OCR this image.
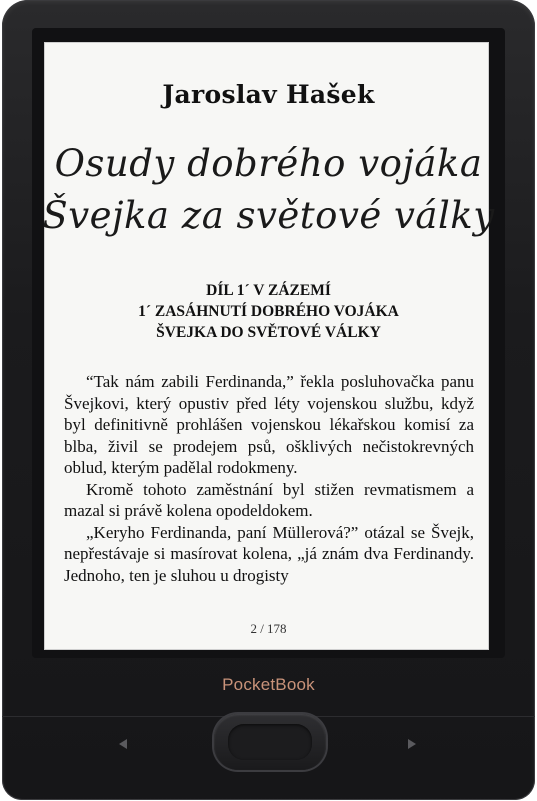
Jaroslav Hašek
Osudy dobrého vojáka
Švejka za světové války
DÍL 1´ V ZÁZEMÍ
1´ ZASÁHNUTÍ DOBRÉHO VOJÁKA
ŠVEJKA DO SVĚTOVÉ VÁLKY

“Tak nám zabili Ferdinanda,” řekla posluhovačka panu Švejkovi, který opustiv před léty vojenskou službu, když byl definitivně prohlášen vojenskou lékařskou komisí za blba, živil se prodejem psů, ošklivých nečistokrevných oblud, kterým padělal rodokmeny.

Kromě tohoto zaměstnání byl stižen revmatismem a mazal si právě kolena opodeldokem.

„Keryho Ferdinanda, paní Müllerová?” otázal se Švejk, nepřestávaje si masírovat kolena, „já znám dva Ferdinandy. Jednoho, ten je sluhou u drogisty

2 / 178
PocketBook
